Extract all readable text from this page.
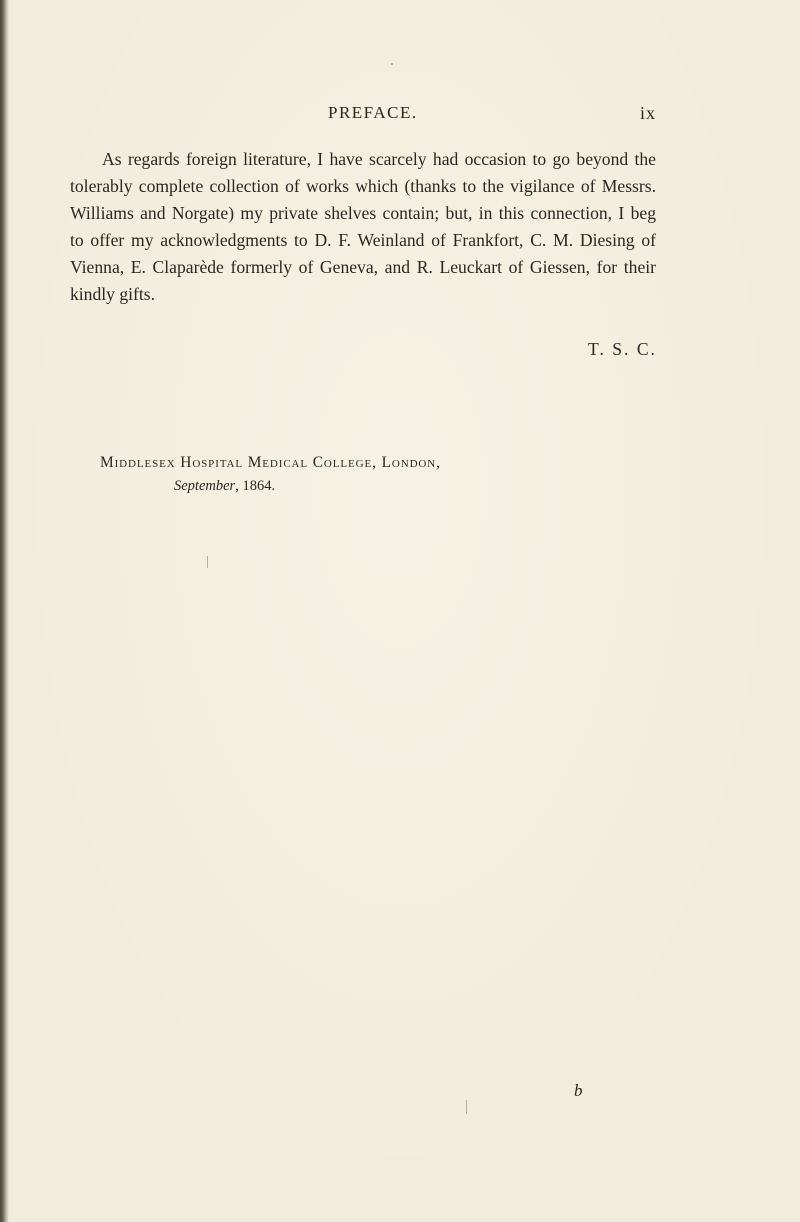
PREFACE.	ix
As regards foreign literature, I have scarcely had occasion to go beyond the
tolerably complete collection of works which (thanks to the vigilance of Messrs.
Williams and Norgate) my private shelves contain; but, in this connection, I beg
to offer my acknowledgments to D. F. Weinland of Frankfort, C. M. Diesing of
Vienna, E. Claparède formerly of Geneva, and R. Leuckart of Giessen, for their
kindly gifts.
T. S. C.
Middlesex Hospital Medical College, London,
September, 1864.
b
